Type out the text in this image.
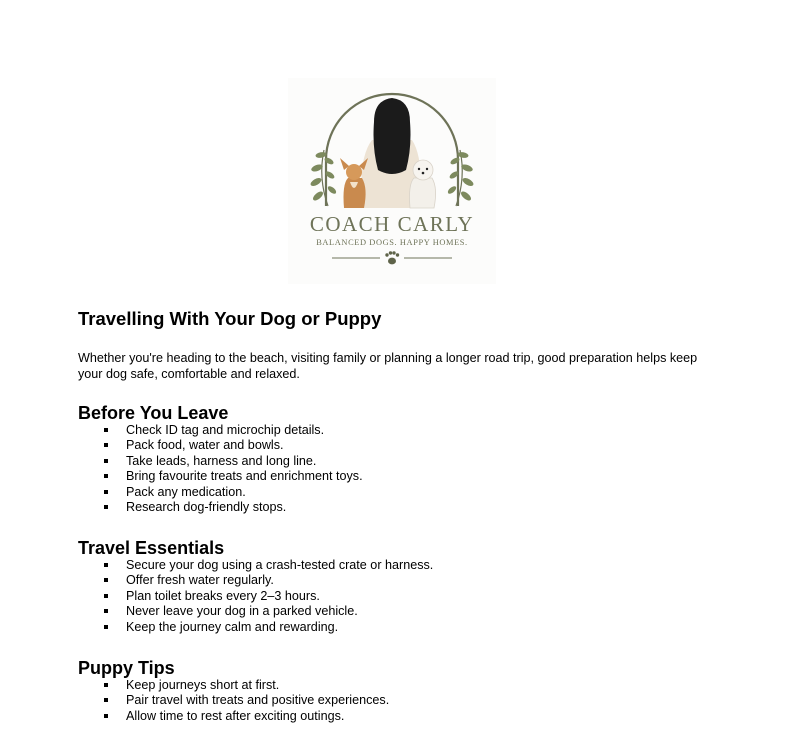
COACH CARLY
BALANCED DOGS. HAPPY HOMES.
Travelling With Your Dog or Puppy

Whether you're heading to the beach, visiting family or planning a longer road trip, good preparation helps keep your dog safe, comfortable and relaxed.

Before You Leave
Check ID tag and microchip details.
Pack food, water and bowls.
Take leads, harness and long line.
Bring favourite treats and enrichment toys.
Pack any medication.
Research dog-friendly stops.
Travel Essentials
Secure your dog using a crash-tested crate or harness.
Offer fresh water regularly.
Plan toilet breaks every 2–3 hours.
Never leave your dog in a parked vehicle.
Keep the journey calm and rewarding.
Puppy Tips
Keep journeys short at first.
Pair travel with treats and positive experiences.
Allow time to rest after exciting outings.
